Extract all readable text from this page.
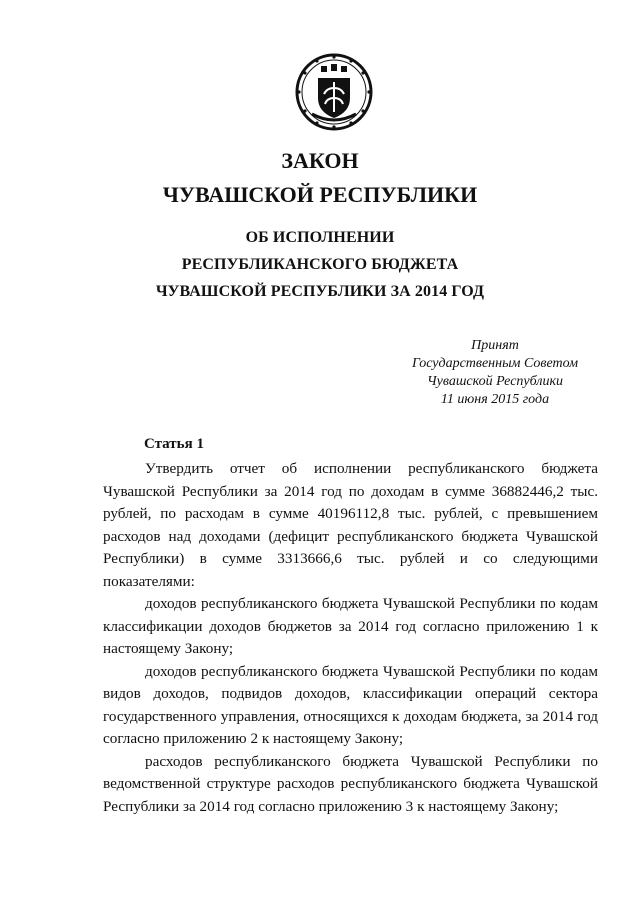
ЗАКОН
ЧУВАШСКОЙ РЕСПУБЛИКИ
ОБ ИСПОЛНЕНИИ
РЕСПУБЛИКАНСКОГО БЮДЖЕТА
ЧУВАШСКОЙ РЕСПУБЛИКИ ЗА 2014 ГОД
Принят
Государственным Советом
Чувашской Республики
11 июня 2015 года
Статья 1

Утвердить отчет об исполнении республиканского бюджета Чувашской Республики за 2014 год по доходам в сумме 36882446,2 тыс. рублей, по расходам в сумме 40196112,8 тыс. рублей, с превышением расходов над доходами (дефицит республиканского бюджета Чувашской Республики) в сумме 3313666,6 тыс. рублей и со следующими показателями:

доходов республиканского бюджета Чувашской Республики по кодам классификации доходов бюджетов за 2014 год согласно приложению 1 к настоящему Закону;

доходов республиканского бюджета Чувашской Республики по кодам видов доходов, подвидов доходов, классификации операций сектора государственного управления, относящихся к доходам бюджета, за 2014 год согласно приложению 2 к настоящему Закону;

расходов республиканского бюджета Чувашской Республики по ведомственной структуре расходов республиканского бюджета Чувашской Республики за 2014 год согласно приложению 3 к настоящему Закону;
